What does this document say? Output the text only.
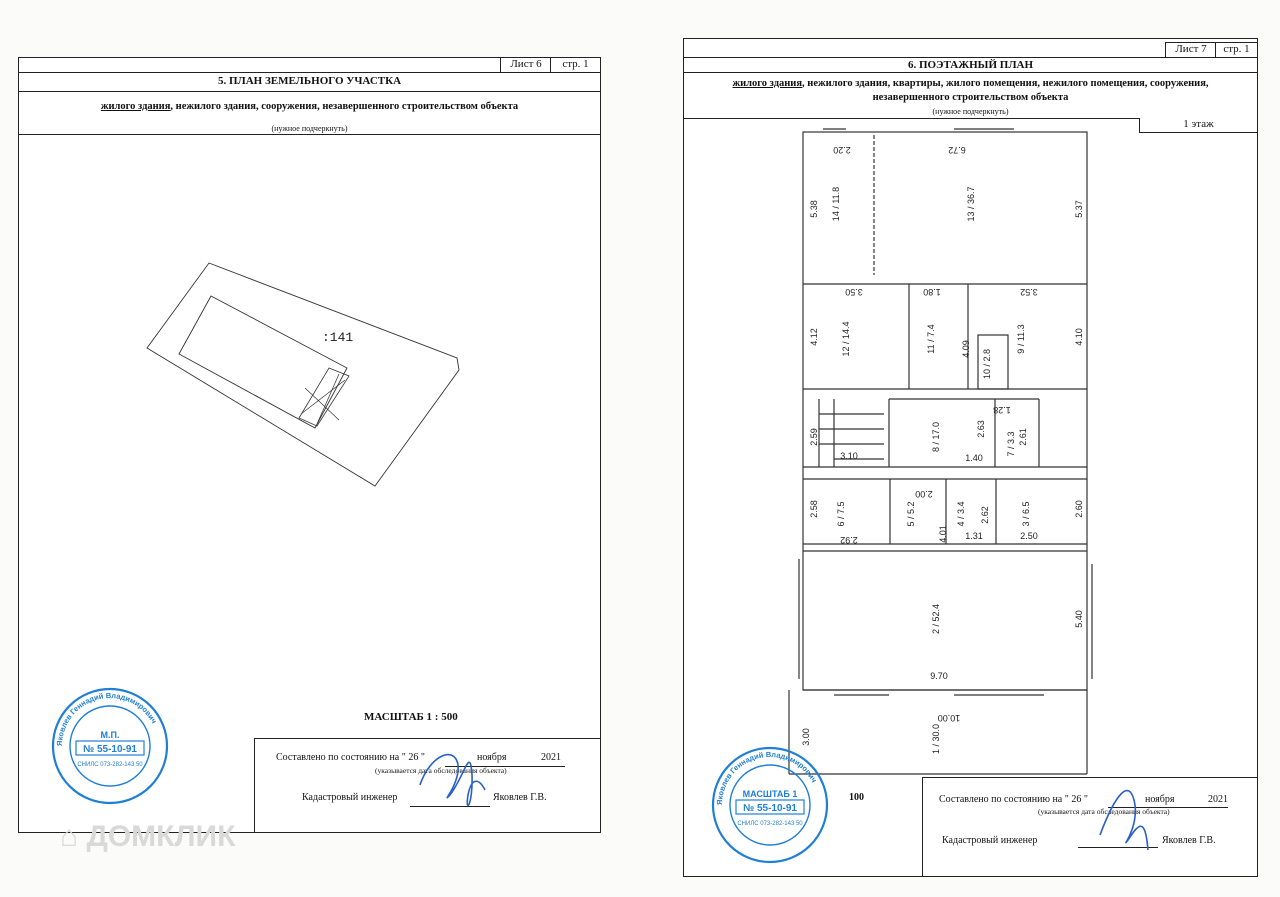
Лист 6	стр. 1
5. ПЛАН ЗЕМЕЛЬНОГО УЧАСТКА
жилого здания, нежилого здания, сооружения, незавершенного строительством объекта
(нужное подчеркнуть)
:141
МАСШТАБ 1 : 500
Составлено по состоянию на " 26 "	ноября	2021
(указывается дата обследования объекта)
Кадастровый инженер	Яковлев Г.В.
Яковлев Геннадий Владимирович
М.П.
№ 55-10-91
СНИЛС 073-282-143 50
⌂ ДОМКЛИК
Лист 7	стр. 1
6. ПОЭТАЖНЫЙ ПЛАН
жилого здания, нежилого здания, квартиры, жилого помещения, нежилого помещения, сооружения,
незавершенного строительством объекта
(нужное подчеркнуть)
1 этаж
14 / 11.8	13 / 36.7
12 / 14.4	11 / 7.4
10 / 2.8
9 / 11.3
8 / 17.0	7 / 3.3
6 / 7.5	5 / 5.2	4 / 3.4	3 / 6.5
2 / 52.4
1 / 30.0
2.20	6.72
5.38	5.37
3.50	1.80	3.52
4.12
4.09
4.10
2.59
3.10
2.63
1.28
2.61
1.40
2.58
2.92
2.00
4.01
2.62
1.31	2.50
2.60
5.40
9.70
10.00
3.00
Составлено по состоянию на " 26 "	ноября	2021
(указывается дата обследования объекта)
Кадастровый инженер	Яковлев Г.В.
100
Яковлев Геннадий Владимирович
МАСШТАБ 1
№ 55-10-91
СНИЛС 073-282-143 50
